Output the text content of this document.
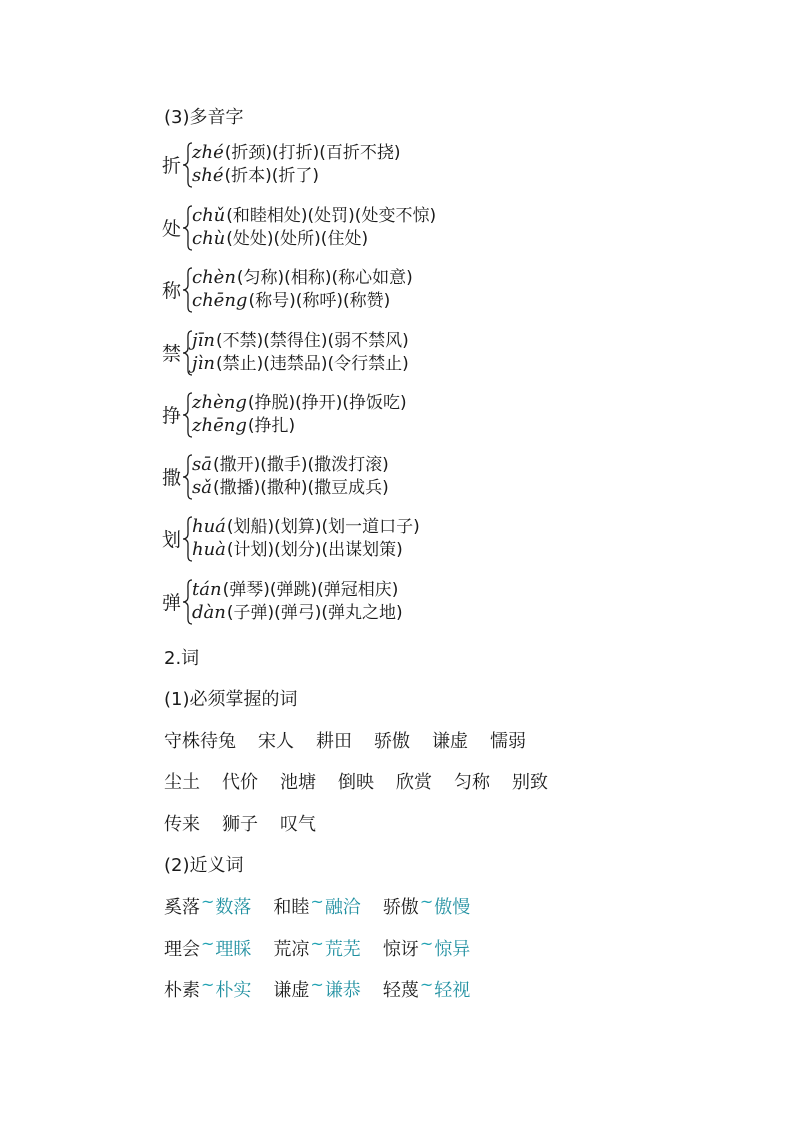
(3)多音字
折
zhé(折颈)(打折)(百折不挠)
shé(折本)(折了)
处
chǔ(和睦相处)(处罚)(处变不惊)
chù(处处)(处所)(住处)
称
chèn(匀称)(相称)(称心如意)
chēng(称号)(称呼)(称赞)
禁
jīn(不禁)(禁得住)(弱不禁风)
jìn(禁止)(违禁品)(令行禁止)
挣
zhèng(挣脱)(挣开)(挣饭吃)
zhēng(挣扎)
撒
sā(撒开)(撒手)(撒泼打滚)
sǎ(撒播)(撒种)(撒豆成兵)
划
huá(划船)(划算)(划一道口子)
huà(计划)(划分)(出谋划策)
弹
tán(弹琴)(弹跳)(弹冠相庆)
dàn(子弹)(弹弓)(弹丸之地)
2.词
(1)必须掌握的词
守株待兔 宋人 耕田 骄傲 谦虚 懦弱
尘土 代价 池塘 倒映 欣赏 匀称 别致
传来 狮子 叹气
(2)近义词
奚落~数落 和睦~融洽 骄傲~傲慢
理会~理睬 荒凉~荒芜 惊讶~惊异
朴素~朴实 谦虚~谦恭 轻蔑~轻视
